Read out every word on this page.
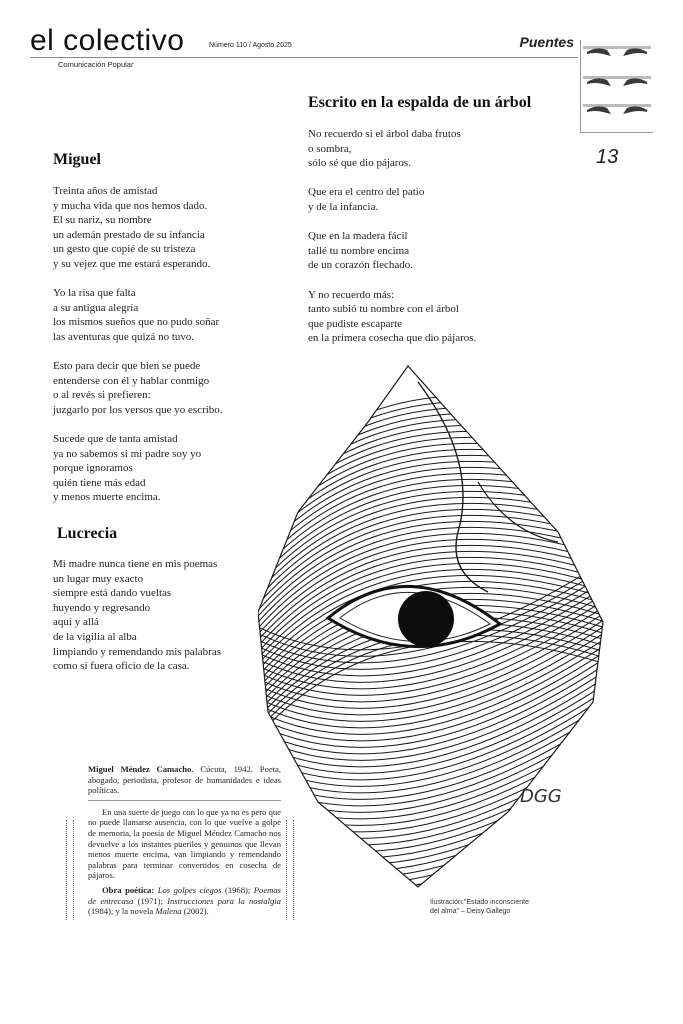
el colectivo
Comunicación Popular
Número 110 / Agosto 2025	Puentes
13
Escrito en la espalda de un árbol

No recuerdo si el árbol daba frutos
o sombra,
sólo sé que dio pájaros.

Que era el centro del patio
y de la infancia.

Que en la madera fácil
tallé tu nombre encima
de un corazón flechado.

Y no recuerdo más:
tanto subió tu nombre con el árbol
que pudiste escaparte
en la primera cosecha que dio pájaros.

Miguel

Treinta años de amistad
y mucha vida que nos hemos dado.
El su nariz, su nombre
un ademán prestado de su infancia
un gesto que copié de su tristeza
y su vejez que me estará esperando.

Yo la risa que falta
a su antigua alegría
los mismos sueños que no pudo soñar
las aventuras que quizá no tuvo.

Esto para decir que bien se puede
entenderse con él y hablar conmigo
o al revés si prefieren:
juzgarlo por los versos que yo escribo.

Sucede que de tanta amistad
ya no sabemos si mi padre soy yo
porque ignoramos
quién tiene más edad
y menos muerte encima.

Lucrecia

Mi madre nunca tiene en mis poemas
un lugar muy exacto
siempre está dando vueltas
huyendo y regresando
aquí y allá
de la vigilia al alba
limpiando y remendando mis palabras
como si fuera oficio de la casa.

Miguel Méndez Camacho. Cúcuta, 1942. Poeta, abogado, periodista, profesor de humanidades e ideas políticas.

En una suerte de juego con lo que ya no es pero que no puede llamarse ausencia, con lo que vuelve a golpe de memoria, la poesía de Miguel Méndez Camacho nos devuelve a los instantes pueriles y genuinos que llevan menos muerte encima, van limpiando y remendando palabras para terminar convertidos en cosecha de pájaros.

Obra poética: Los golpes ciegos (1968); Poemas de entrecasa (1971); Instrucciones para la nostalgia (1984); y la novela Malena (2002).

DGG
Ilustración:"Estado inconsciente
del alma" – Deisy Gallego
